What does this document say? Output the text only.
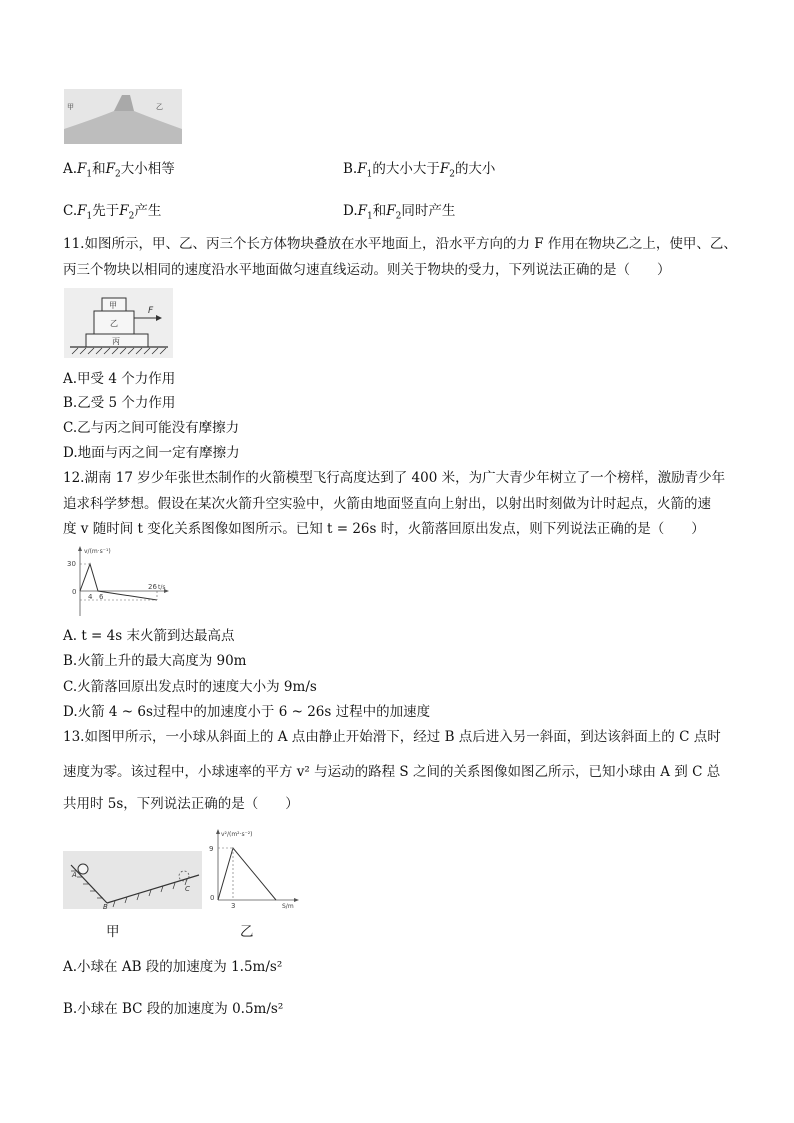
甲	乙
$A.F_1$和$F_2$大小相等	$B.F_1$的大小大于$F_2$的大小
$C.F_1$先于$F_2$产生	$D.F_1$和$F_2$同时产生
11.如图所示，甲、乙、丙三个长方体物块叠放在水平地面上，沿水平方向的力 F 作用在物块乙之上，使甲、乙、
丙三个物块以相同的速度沿水平地面做匀速直线运动。则关于物块的受力，下列说法正确的是（　　）
甲
乙
丙
F
A.甲受 4 个力作用
B.乙受 5 个力作用
C.乙与丙之间可能没有摩擦力
D.地面与丙之间一定有摩擦力
12.湖南 17 岁少年张世杰制作的火箭模型飞行高度达到了 400 米，为广大青少年树立了一个榜样，激励青少年
追求科学梦想。假设在某次火箭升空实验中，火箭由地面竖直向上射出，以射出时刻做为计时起点，火箭的速
度 v 随时间 t 变化关系图像如图所示。已知 t = 26s 时，火箭落回原出发点，则下列说法正确的是（　　）
v/(m·s⁻¹)
30
0
4 6
26 t/s
A. t = 4s 末火箭到达最高点
B.火箭上升的最大高度为 90m
C.火箭落回原出发点时的速度大小为 9m/s
D.火箭 4 ~ 6s过程中的加速度小于 6 ~ 26s 过程中的加速度
13.如图甲所示，一小球从斜面上的 A 点由静止开始滑下，经过 B 点后进入另一斜面，到达该斜面上的 C 点时
速度为零。该过程中，小球速率的平方 v² 与运动的路程 S 之间的关系图像如图乙所示，已知小球由 A 到 C 总
共用时 5s，下列说法正确的是（　　）
A
B
C
v²/(m²·s⁻²)
9
0
3	S/m
甲	乙
A.小球在 AB 段的加速度为 1.5m/s²
B.小球在 BC 段的加速度为 0.5m/s²
